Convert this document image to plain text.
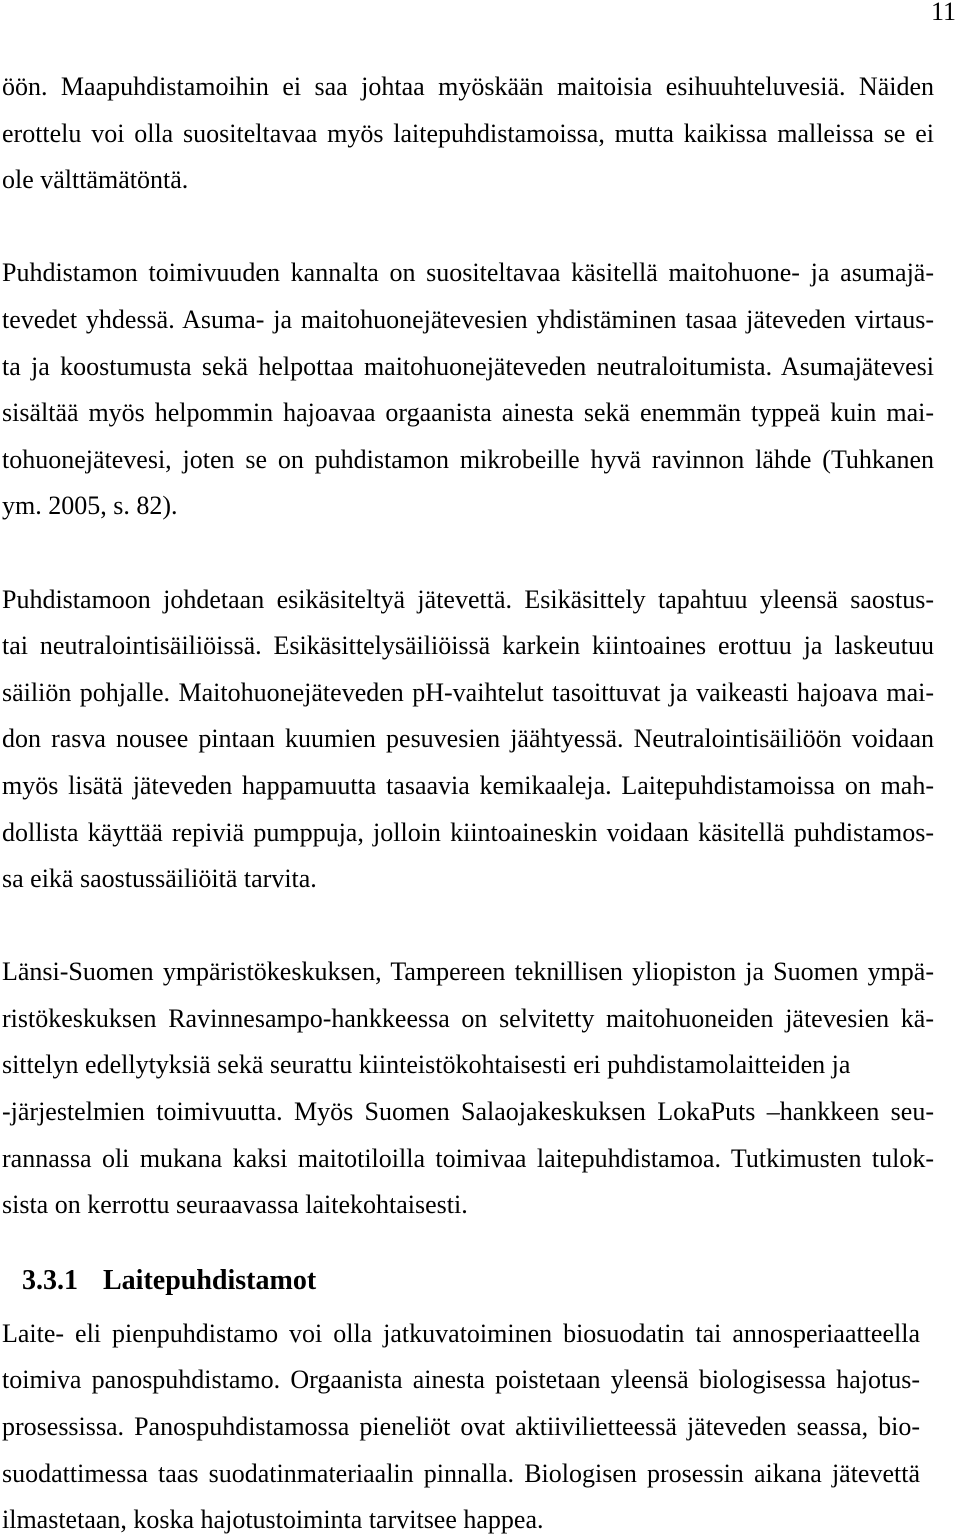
11
öön. Maapuhdistamoihin ei saa johtaa myöskään maitoisia esihuuhteluvesiä. Näiden
erottelu voi olla suositeltavaa myös laitepuhdistamoissa, mutta kaikissa malleissa se ei
ole välttämätöntä.
Puhdistamon toimivuuden kannalta on suositeltavaa käsitellä maitohuone- ja asumajä-
tevedet yhdessä. Asuma- ja maitohuonejätevesien yhdistäminen tasaa jäteveden virtaus-
ta ja koostumusta sekä helpottaa maitohuonejäteveden neutraloitumista. Asumajätevesi
sisältää myös helpommin hajoavaa orgaanista ainesta sekä enemmän typpeä kuin mai-
tohuonejätevesi, joten se on puhdistamon mikrobeille hyvä ravinnon lähde (Tuhkanen
ym. 2005, s. 82).
Puhdistamoon johdetaan esikäsiteltyä jätevettä. Esikäsittely tapahtuu yleensä saostus-
tai neutralointisäiliöissä. Esikäsittelysäiliöissä karkein kiintoaines erottuu ja laskeutuu
säiliön pohjalle. Maitohuonejäteveden pH-vaihtelut tasoittuvat ja vaikeasti hajoava mai-
don rasva nousee pintaan kuumien pesuvesien jäähtyessä. Neutralointisäiliöön voidaan
myös lisätä jäteveden happamuutta tasaavia kemikaaleja. Laitepuhdistamoissa on mah-
dollista käyttää repiviä pumppuja, jolloin kiintoaineskin voidaan käsitellä puhdistamos-
sa eikä saostussäiliöitä tarvita.
Länsi-Suomen ympäristökeskuksen, Tampereen teknillisen yliopiston ja Suomen ympä-
ristökeskuksen Ravinnesampo-hankkeessa on selvitetty maitohuoneiden jätevesien kä-
sittelyn edellytyksiä sekä seurattu kiinteistökohtaisesti eri puhdistamolaitteiden ja
-järjestelmien toimivuutta. Myös Suomen Salaojakeskuksen LokaPuts –hankkeen seu-
rannassa oli mukana kaksi maitotiloilla toimivaa laitepuhdistamoa. Tutkimusten tulok-
sista on kerrottu seuraavassa laitekohtaisesti.
3.3.1 Laitepuhdistamot
Laite- eli pienpuhdistamo voi olla jatkuvatoiminen biosuodatin tai annosperiaatteella
toimiva panospuhdistamo. Orgaanista ainesta poistetaan yleensä biologisessa hajotus-
prosessissa. Panospuhdistamossa pieneliöt ovat aktiivilietteessä jäteveden seassa, bio-
suodattimessa taas suodatinmateriaalin pinnalla. Biologisen prosessin aikana jätevettä
ilmastetaan, koska hajotustoiminta tarvitsee happea.
